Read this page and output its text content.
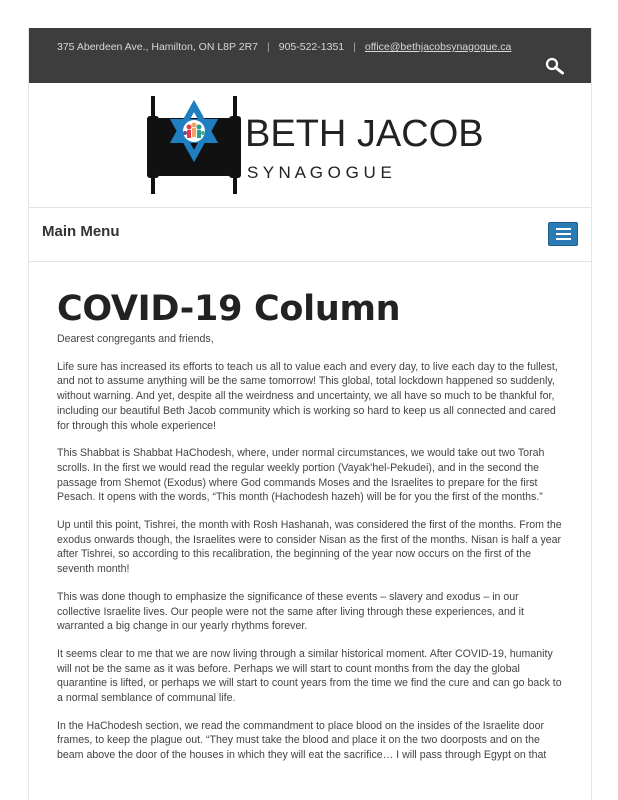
375 Aberdeen Ave., Hamilton, ON L8P 2R7 | 905-522-1351 | office@bethjacobsynagogue.ca
BETH JACOB
S Y N A G O G U E
Main Menu
COVID-19 Column

Dearest congregants and friends,

Life sure has increased its efforts to teach us all to value each and every day, to live each day to the fullest, and not to assume anything will be the same tomorrow! This global, total lockdown happened so suddenly, without warning. And yet, despite all the weirdness and uncertainty, we all have so much to be thankful for, including our beautiful Beth Jacob community which is working so hard to keep us all connected and cared for through this whole experience!

This Shabbat is Shabbat HaChodesh, where, under normal circumstances, we would take out two Torah scrolls. In the first we would read the regular weekly portion (Vayak’hel-Pekudei), and in the second the passage from Shemot (Exodus) where God commands Moses and the Israelites to prepare for the first Pesach. It opens with the words, “This month (Hachodesh hazeh) will be for you the first of the months.”

Up until this point, Tishrei, the month with Rosh Hashanah, was considered the first of the months. From the exodus onwards though, the Israelites were to consider Nisan as the first of the months. Nisan is half a year after Tishrei, so according to this recalibration, the beginning of the year now occurs on the first of the seventh month!

This was done though to emphasize the significance of these events – slavery and exodus – in our collective Israelite lives. Our people were not the same after living through these experiences, and it warranted a big change in our yearly rhythms forever.

It seems clear to me that we are now living through a similar historical moment. After COVID-19, humanity will not be the same as it was before. Perhaps we will start to count months from the day the global quarantine is lifted, or perhaps we will start to count years from the time we find the cure and can go back to a normal semblance of communal life.

In the HaChodesh section, we read the commandment to place blood on the insides of the Israelite door frames, to keep the plague out. “They must take the blood and place it on the two doorposts and on the beam above the door of the houses in which they will eat the sacrifice… I will pass through Egypt on that
